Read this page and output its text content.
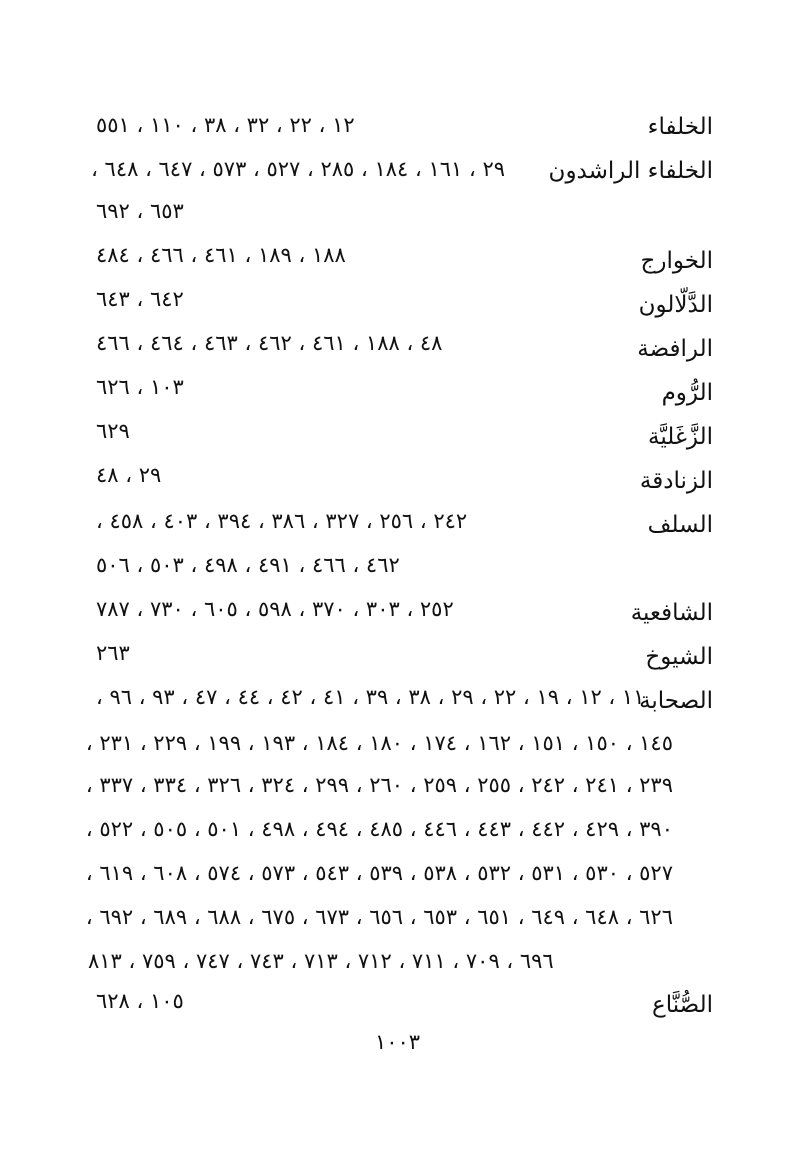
الخلفاء
١٢ ، ٢٢ ، ٣٢ ، ٣٨ ، ١١٠ ، ٥٥١
الخلفاء الراشدون
٢٩ ، ١٦١ ، ١٨٤ ، ٢٨٥ ، ٥٢٧ ، ٥٧٣ ، ٦٤٧ ، ٦٤٨ ،
٦٥٣ ، ٦٩٢
الخوارج
١٨٨ ، ١٨٩ ، ٤٦١ ، ٤٦٦ ، ٤٨٤
الدَّلّالون
٦٤٢ ، ٦٤٣
الرافضة
٤٨ ، ١٨٨ ، ٤٦١ ، ٤٦٢ ، ٤٦٣ ، ٤٦٤ ، ٤٦٦
الرُّوم
١٠٣ ، ٦٢٦
الزَّغَليَّة
٦٢٩
الزنادقة
٢٩ ، ٤٨
السلف
٢٤٢ ، ٢٥٦ ، ٣٢٧ ، ٣٨٦ ، ٣٩٤ ، ٤٠٣ ، ٤٥٨ ،
٤٦٢ ، ٤٦٦ ، ٤٩١ ، ٤٩٨ ، ٥٠٣ ، ٥٠٦
الشافعية
٢٥٢ ، ٣٠٣ ، ٣٧٠ ، ٥٩٨ ، ٦٠٥ ، ٧٣٠ ، ٧٨٧
الشيوخ
٢٦٣
الصحابة
١١ ، ١٢ ، ١٩ ، ٢٢ ، ٢٩ ، ٣٨ ، ٣٩ ، ٤١ ، ٤٢ ، ٤٤ ، ٤٧ ، ٩٣ ، ٩٦ ،
١٤٥ ، ١٥٠ ، ١٥١ ، ١٦٢ ، ١٧٤ ، ١٨٠ ، ١٨٤ ، ١٩٣ ، ١٩٩ ، ٢٢٩ ، ٢٣١ ،
٢٣٩ ، ٢٤١ ، ٢٤٢ ، ٢٥٥ ، ٢٥٩ ، ٢٦٠ ، ٢٩٩ ، ٣٢٤ ، ٣٢٦ ، ٣٣٤ ، ٣٣٧ ،
٣٩٠ ، ٤٢٩ ، ٤٤٢ ، ٤٤٣ ، ٤٤٦ ، ٤٨٥ ، ٤٩٤ ، ٤٩٨ ، ٥٠١ ، ٥٠٥ ، ٥٢٢ ،
٥٢٧ ، ٥٣٠ ، ٥٣١ ، ٥٣٢ ، ٥٣٨ ، ٥٣٩ ، ٥٤٣ ، ٥٧٣ ، ٥٧٤ ، ٦٠٨ ، ٦١٩ ،
٦٢٦ ، ٦٤٨ ، ٦٤٩ ، ٦٥١ ، ٦٥٣ ، ٦٥٦ ، ٦٧٣ ، ٦٧٥ ، ٦٨٨ ، ٦٨٩ ، ٦٩٢ ،
٦٩٦ ، ٧٠٩ ، ٧١١ ، ٧١٢ ، ٧١٣ ، ٧٤٣ ، ٧٤٧ ، ٧٥٩ ، ٨١٣
الصُّنَّاع
١٠٥ ، ٦٢٨
١٠٠٣
